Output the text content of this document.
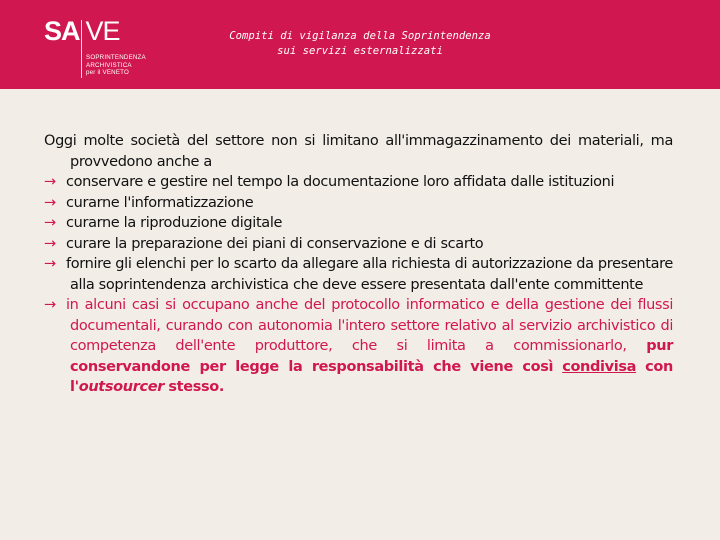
SA VE
SOPRINTENDENZA
ARCHIVISTICA
per il VENETO
Compiti di vigilanza della Soprintendenza
sui servizi esternalizzati
Oggi molte società del settore non si limitano all'immagazzinamento dei materiali, ma provvedono anche a
→ conservare e gestire nel tempo la documentazione loro affidata dalle istituzioni
→ curarne l'informatizzazione
→ curarne la riproduzione digitale
→ curare la preparazione dei piani di conservazione e di scarto
→ fornire gli elenchi per lo scarto da allegare alla richiesta di autorizzazione da presentare alla soprintendenza archivistica che deve essere presentata dall'ente committente
→ in alcuni casi si occupano anche del protocollo informatico e della gestione dei flussi documentali, curando con autonomia l'intero settore relativo al servizio archivistico di competenza dell'ente produttore, che si limita a commissionarlo, pur conservandone per legge la responsabilità che viene così condivisa con l'outsourcer stesso.
